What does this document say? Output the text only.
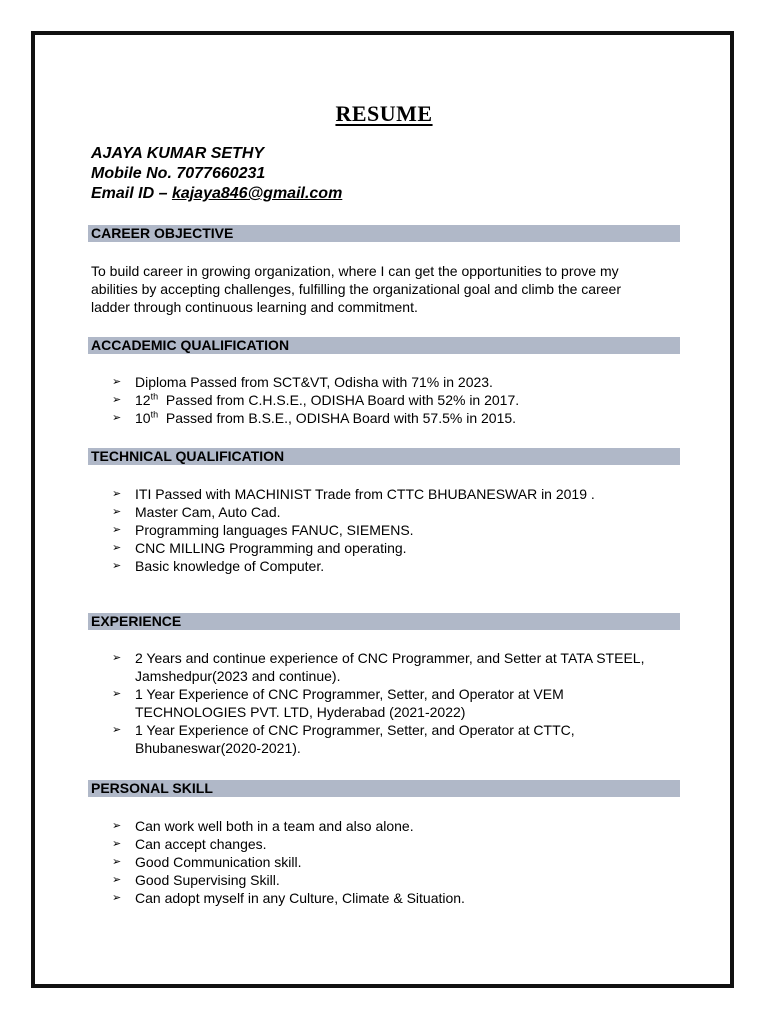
RESUME
AJAYA KUMAR SETHY
Mobile No. 7077660231
Email ID – kajaya846@gmail.com
CAREER OBJECTIVE
To build career in growing organization, where I can get the opportunities to prove my abilities by accepting challenges, fulfilling the organizational goal and climb the career ladder through continuous learning and commitment.
ACCADEMIC QUALIFICATION
➢ Diploma Passed from SCT&VT, Odisha with 71% in 2023.
➢ 12th  Passed from C.H.S.E., ODISHA Board with 52% in 2017.
➢ 10th  Passed from B.S.E., ODISHA Board with 57.5% in 2015.
TECHNICAL QUALIFICATION
➢ ITI Passed with MACHINIST Trade from CTTC BHUBANESWAR in 2019 .
➢ Master Cam, Auto Cad.
➢ Programming languages FANUC, SIEMENS.
➢ CNC MILLING Programming and operating.
➢ Basic knowledge of Computer.
EXPERIENCE
➢ 2 Years and continue experience of CNC Programmer, and Setter at TATA STEEL, Jamshedpur(2023 and continue).
➢ 1 Year Experience of CNC Programmer, Setter, and Operator at VEM TECHNOLOGIES PVT. LTD, Hyderabad (2021-2022)
➢ 1 Year Experience of CNC Programmer, Setter, and Operator at CTTC, Bhubaneswar(2020-2021).
PERSONAL SKILL
➢ Can work well both in a team and also alone.
➢ Can accept changes.
➢ Good Communication skill.
➢ Good Supervising Skill.
➢ Can adopt myself in any Culture, Climate & Situation.
